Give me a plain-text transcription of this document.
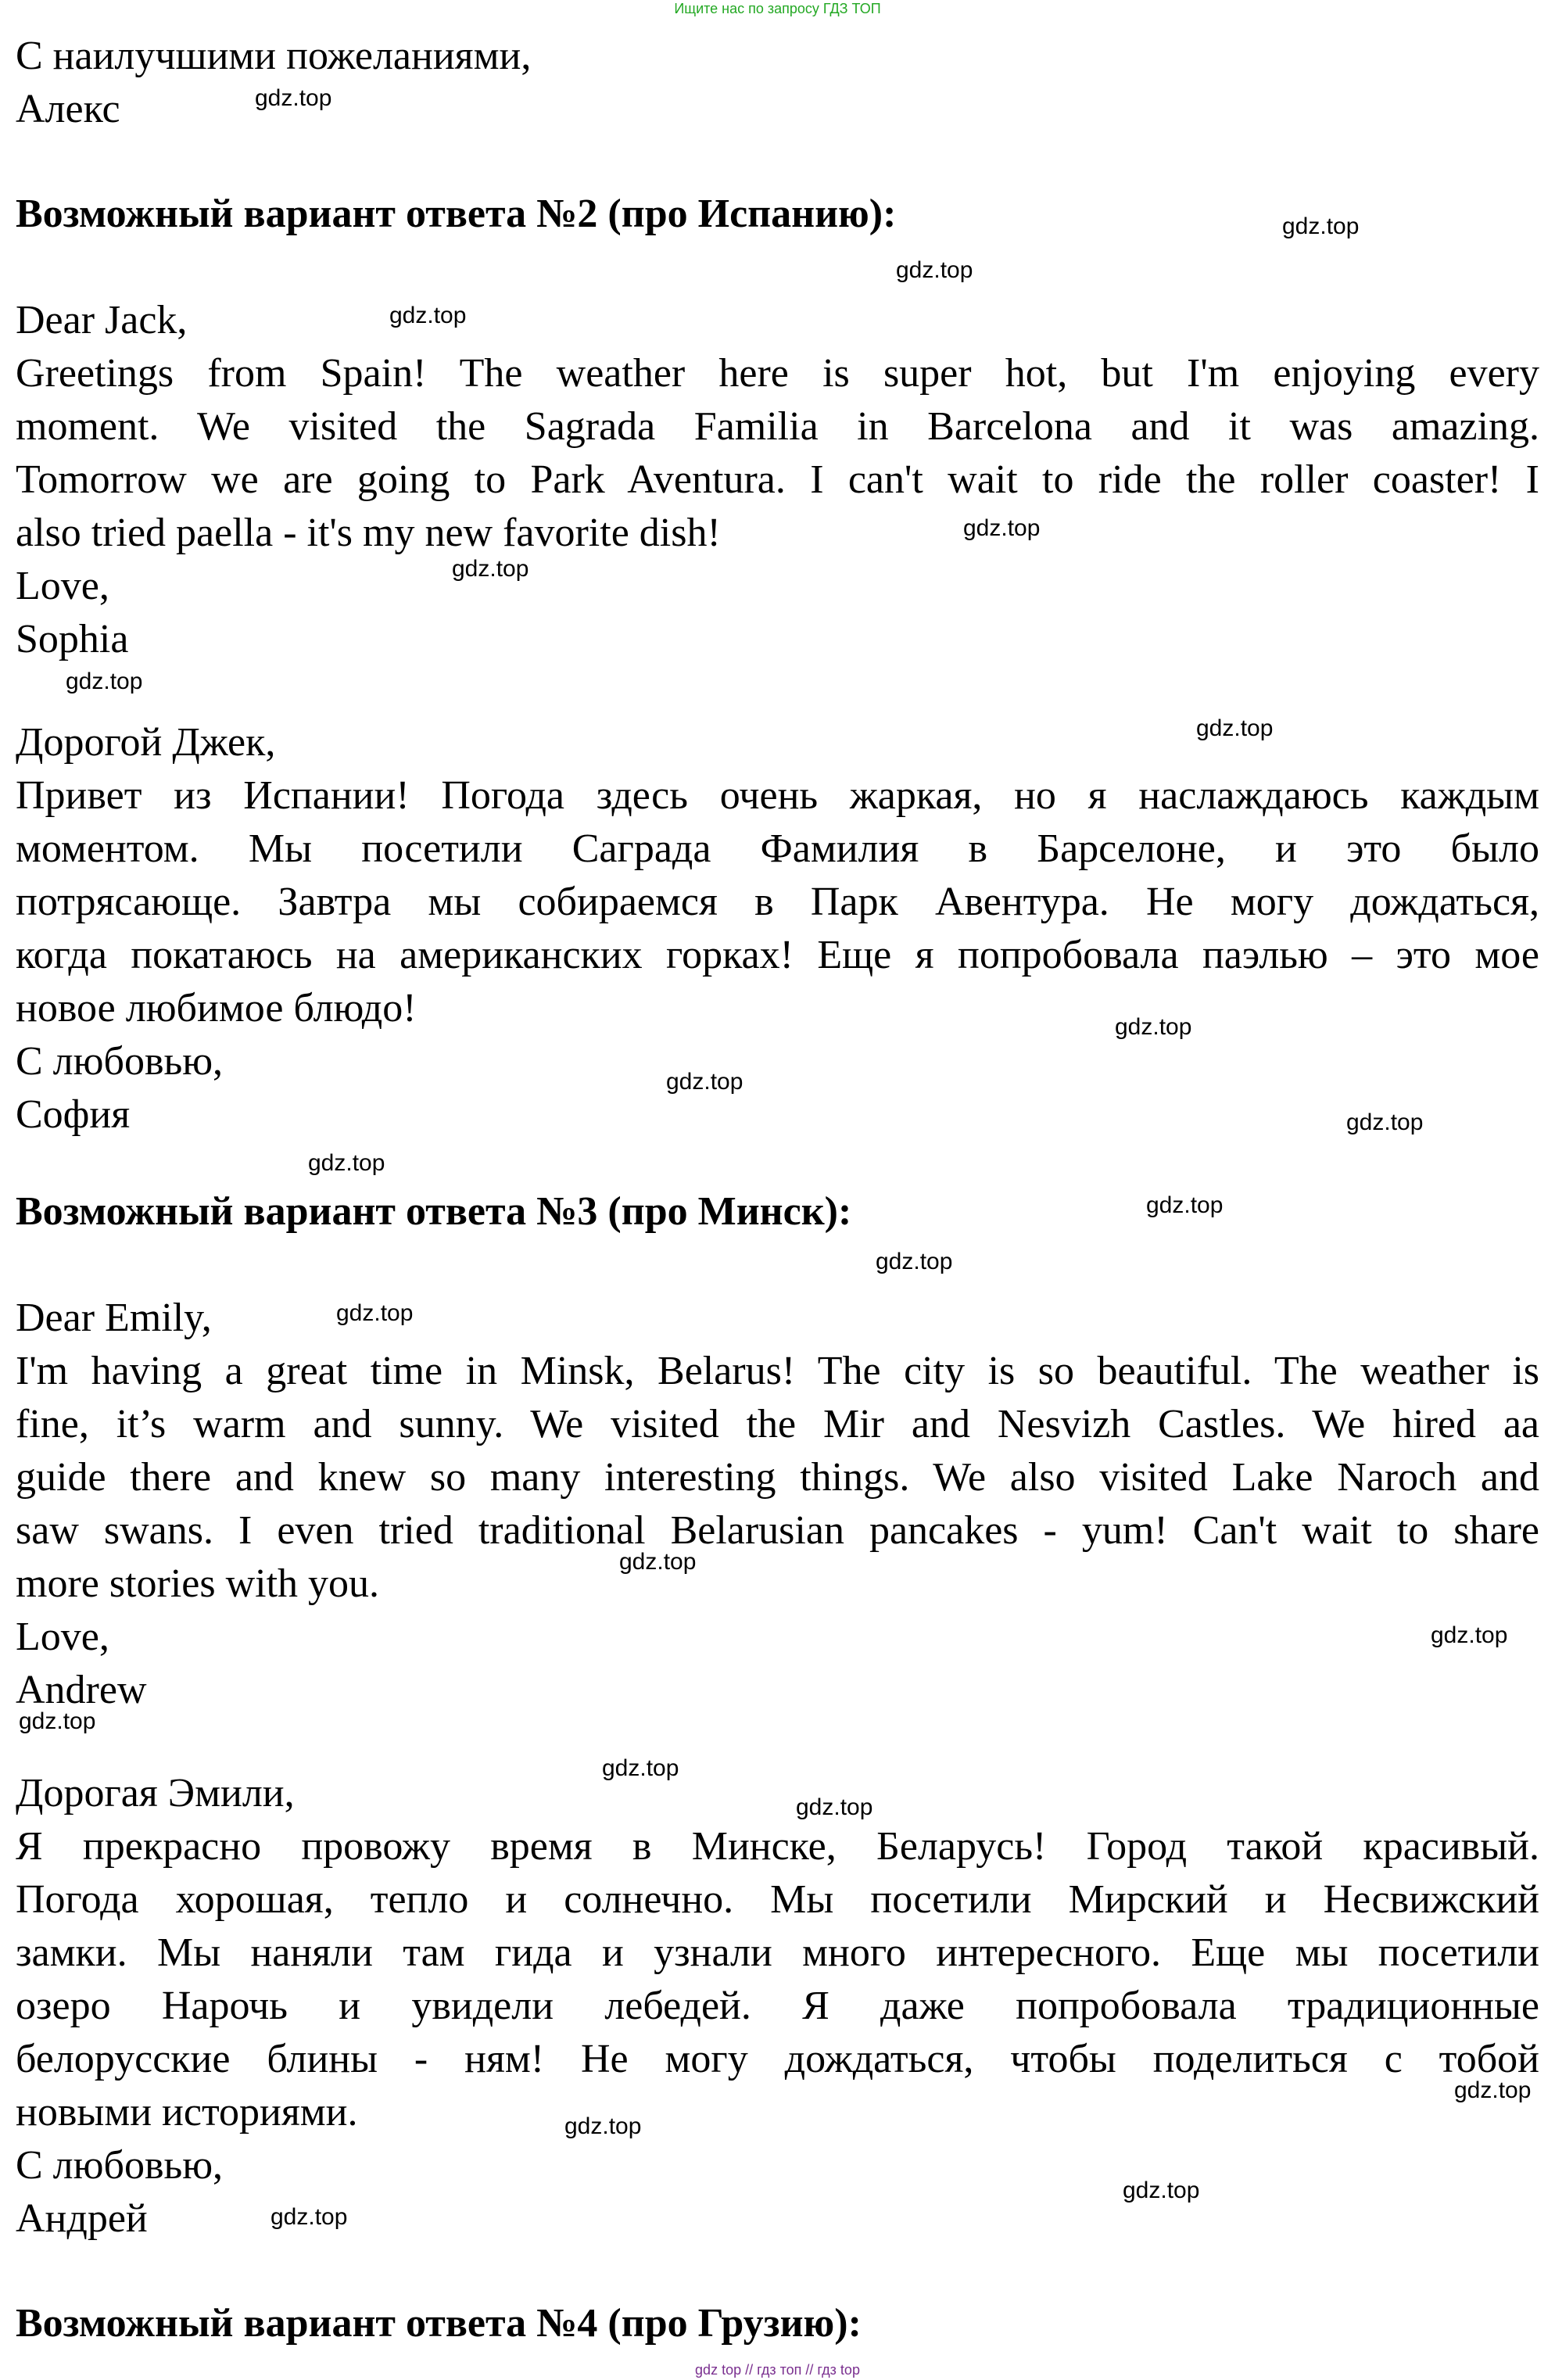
Ищите нас по запросу ГДЗ ТОП

С наилучшими пожеланиями,

Алекс

Возможный вариант ответа №2 (про Испанию):

Dear Jack,

Greetings from Spain! The weather here is super hot, but I'm enjoying every

moment. We visited the Sagrada Familia in Barcelona and it was amazing.

Tomorrow we are going to Park Aventura. I can't wait to ride the roller coaster! I

also tried paella - it's my new favorite dish!

Love,

Sophia

Дорогой Джек,

Привет из Испании! Погода здесь очень жаркая, но я наслаждаюсь каждым

моментом. Мы посетили Саграда Фамилия в Барселоне, и это было

потрясающе. Завтра мы собираемся в Парк Авентура. Не могу дождаться,

когда покатаюсь на американских горках! Еще я попробовала паэлью – это мое

новое любимое блюдо!

С любовью,

София

Возможный вариант ответа №3 (про Минск):

Dear Emily,

I'm having a great time in Minsk, Belarus! The city is so beautiful. The weather is

fine, it’s warm and sunny. We visited the Mir and Nesvizh Castles. We hired aa

guide there and knew so many interesting things. We also visited Lake Naroch and

saw swans. I even tried traditional Belarusian pancakes - yum! Can't wait to share

more stories with you.

Love,

Andrew

Дорогая Эмили,

Я прекрасно провожу время в Минске, Беларусь! Город такой красивый.

Погода хорошая, тепло и солнечно. Мы посетили Мирский и Несвижский

замки. Мы наняли там гида и узнали много интересного. Еще мы посетили

озеро Нарочь и увидели лебедей. Я даже попробовала традиционные

белорусские блины - ням! Не могу дождаться, чтобы поделиться с тобой

новыми историями.

С любовью,

Андрей

Возможный вариант ответа №4 (про Грузию):

gdz.top

gdz.top

gdz.top

gdz.top

gdz.top

gdz.top

gdz.top

gdz.top

gdz.top

gdz.top

gdz.top

gdz.top

gdz.top

gdz.top

gdz.top

gdz.top

gdz.top

gdz.top

gdz.top

gdz.top

gdz.top

gdz.top

gdz.top

gdz.top

gdz top // гдз топ // гдз top
